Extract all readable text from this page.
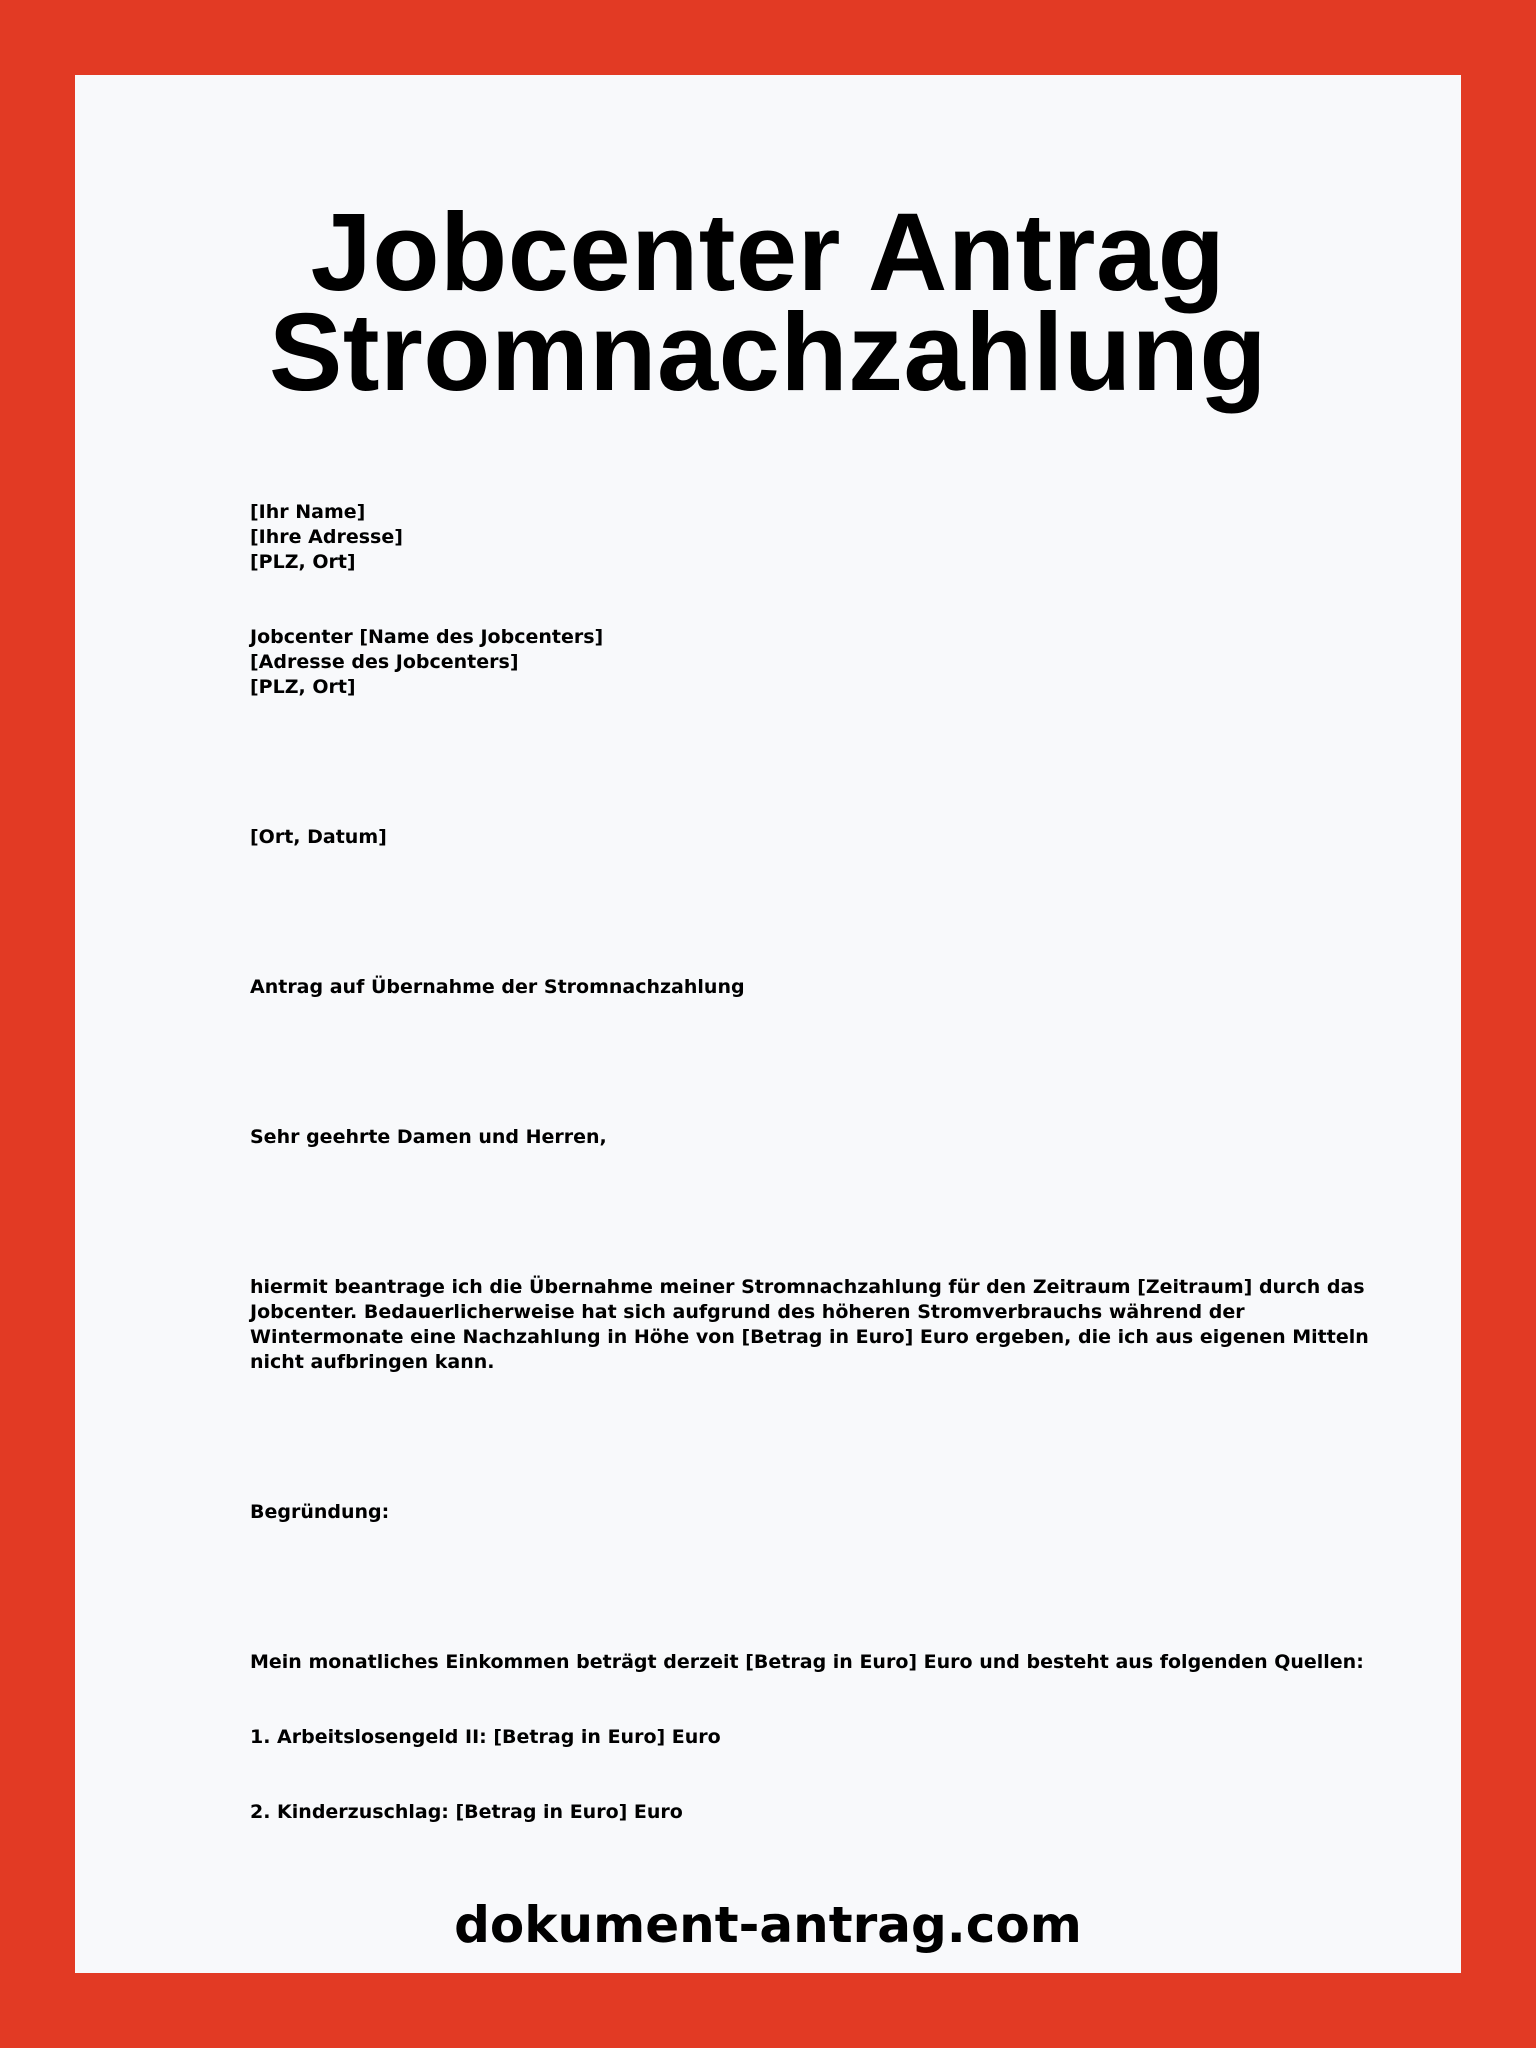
Jobcenter Antrag
Stromnachzahlung
[Ihr Name]
[Ihre Adresse]
[PLZ, Ort]
Jobcenter [Name des Jobcenters]
[Adresse des Jobcenters]
[PLZ, Ort]

[Ort, Datum]

Antrag auf Übernahme der Stromnachzahlung

Sehr geehrte Damen und Herren,

hiermit beantrage ich die Übernahme meiner Stromnachzahlung für den Zeitraum [Zeitraum] durch das Jobcenter. Bedauerlicherweise hat sich aufgrund des höheren Stromverbrauchs während der Wintermonate eine Nachzahlung in Höhe von [Betrag in Euro] Euro ergeben, die ich aus eigenen Mitteln nicht aufbringen kann.

Begründung:

Mein monatliches Einkommen beträgt derzeit [Betrag in Euro] Euro und besteht aus folgenden Quellen:

1. Arbeitslosengeld II: [Betrag in Euro] Euro

2. Kinderzuschlag: [Betrag in Euro] Euro

dokument-antrag.com
